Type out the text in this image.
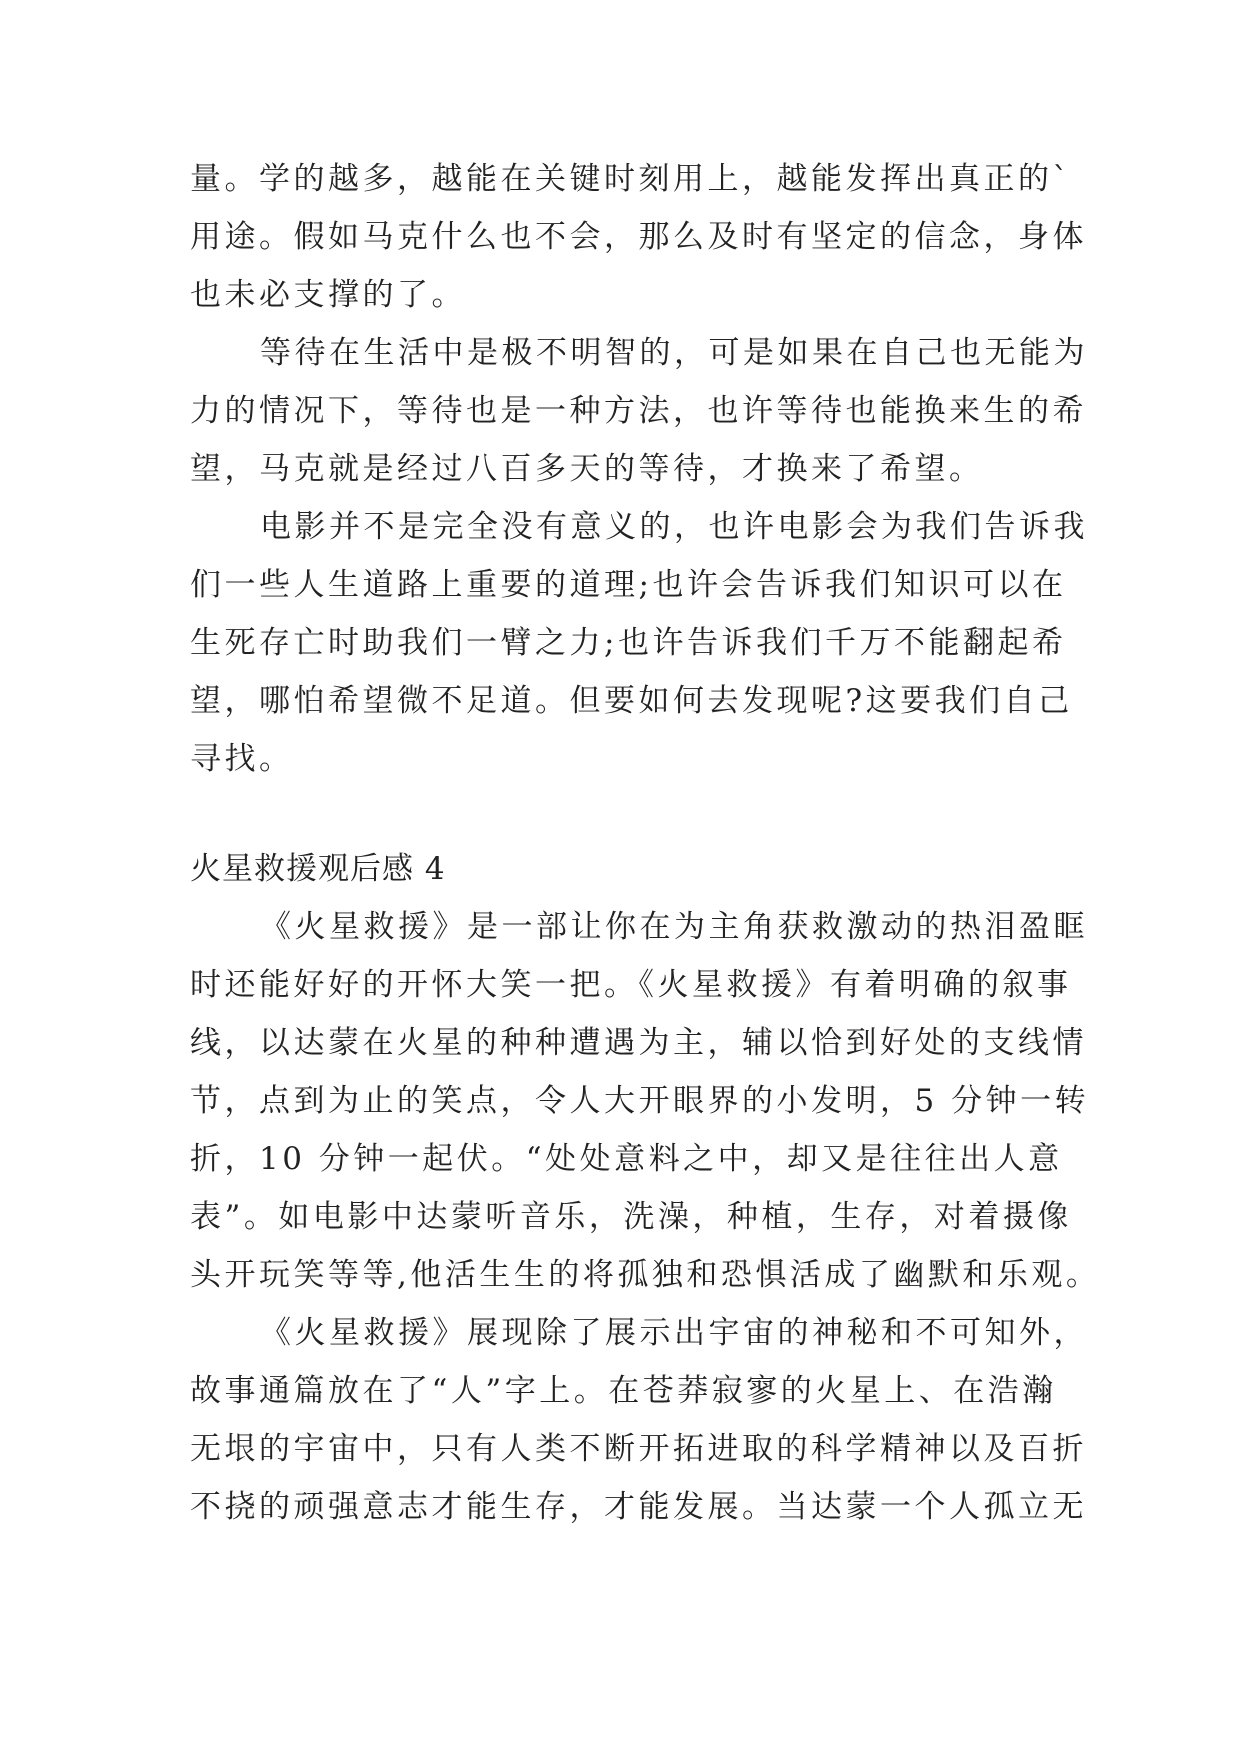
量。学的越多，越能在关键时刻用上，越能发挥出真正的`
用途。假如马克什么也不会，那么及时有坚定的信念，身体
也未必支撑的了。
等待在生活中是极不明智的，可是如果在自己也无能为
力的情况下，等待也是一种方法，也许等待也能换来生的希
望，马克就是经过八百多天的等待，才换来了希望。
电影并不是完全没有意义的，也许电影会为我们告诉我
们一些人生道路上重要的道理;也许会告诉我们知识可以在
生死存亡时助我们一臂之力;也许告诉我们千万不能翻起希
望，哪怕希望微不足道。但要如何去发现呢?这要我们自己
寻找。
火星救援观后感 4
《火星救援》是一部让你在为主角获救激动的热泪盈眶
时还能好好的开怀大笑一把。《火星救援》有着明确的叙事
线，以达蒙在火星的种种遭遇为主，辅以恰到好处的支线情
节，点到为止的笑点，令人大开眼界的小发明，5 分钟一转
折，10 分钟一起伏。“处处意料之中，却又是往往出人意
表”。如电影中达蒙听音乐，洗澡，种植，生存，对着摄像
头开玩笑等等,他活生生的将孤独和恐惧活成了幽默和乐观。
《火星救援》展现除了展示出宇宙的神秘和不可知外，
故事通篇放在了“人”字上。在苍莽寂寥的火星上、在浩瀚
无垠的宇宙中，只有人类不断开拓进取的科学精神以及百折
不挠的顽强意志才能生存，才能发展。当达蒙一个人孤立无
